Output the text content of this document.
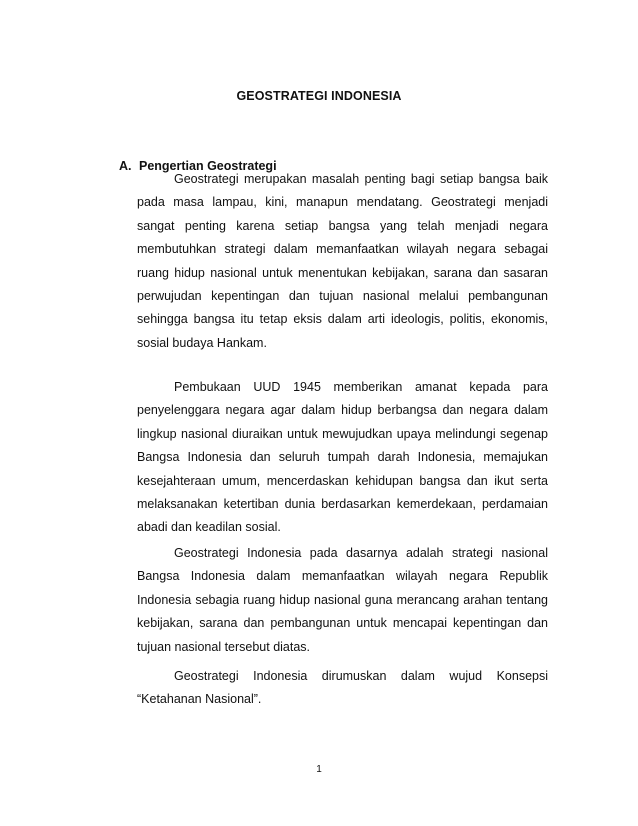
GEOSTRATEGI INDONESIA
A. Pengertian Geostrategi

Geostrategi merupakan masalah penting bagi setiap bangsa baik pada masa lampau, kini, manapun mendatang. Geostrategi menjadi sangat penting karena setiap bangsa yang telah menjadi negara membutuhkan strategi dalam memanfaatkan wilayah negara sebagai ruang hidup nasional untuk menentukan kebijakan, sarana dan sasaran perwujudan kepentingan dan tujuan nasional melalui pembangunan sehingga bangsa itu tetap eksis dalam arti ideologis, politis, ekonomis, sosial budaya Hankam.

Pembukaan UUD 1945 memberikan amanat kepada para penyelenggara negara agar dalam hidup berbangsa dan negara dalam lingkup nasional diuraikan untuk mewujudkan upaya melindungi segenap Bangsa Indonesia dan seluruh tumpah darah Indonesia, memajukan kesejahteraan umum, mencerdaskan kehidupan bangsa dan ikut serta melaksanakan ketertiban dunia berdasarkan kemerdekaan, perdamaian abadi dan keadilan sosial.

Geostrategi Indonesia pada dasarnya adalah strategi nasional Bangsa Indonesia dalam memanfaatkan wilayah negara Republik Indonesia sebagia ruang hidup nasional guna merancang arahan tentang kebijakan, sarana dan pembangunan untuk mencapai kepentingan dan tujuan nasional tersebut diatas.

Geostrategi Indonesia dirumuskan dalam wujud Konsepsi “Ketahanan Nasional”.

1
